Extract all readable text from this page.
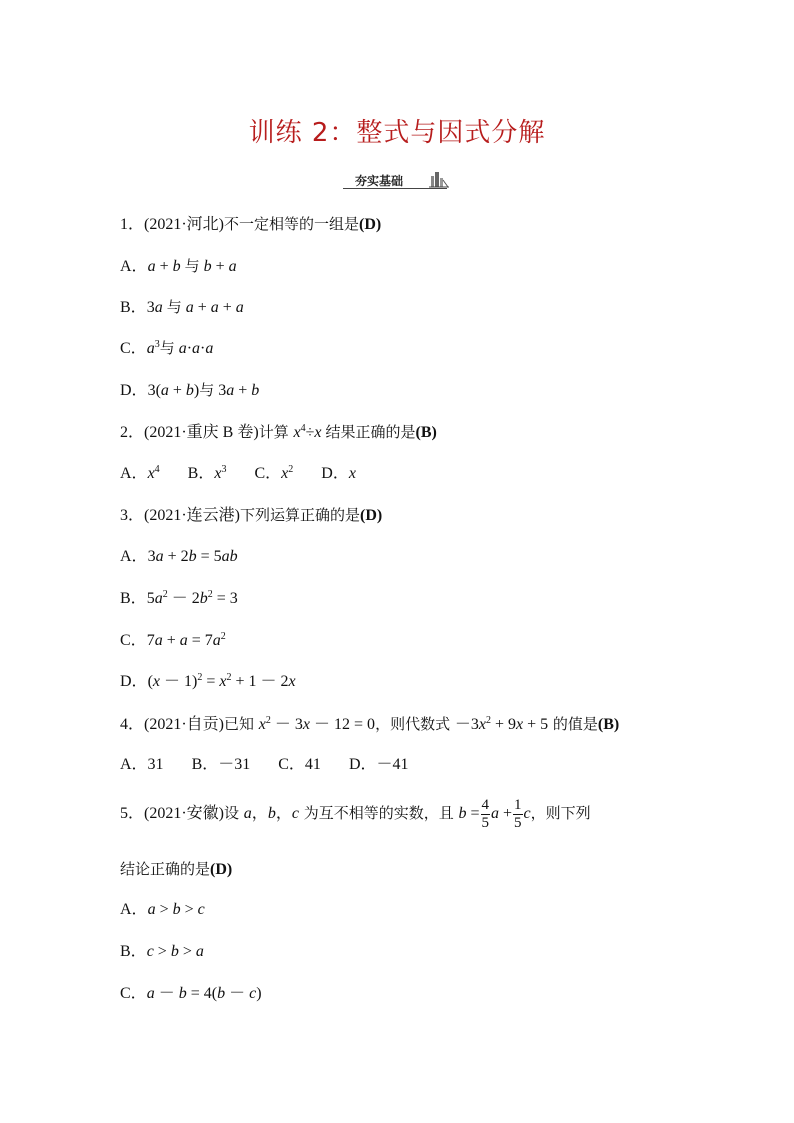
训练 2：整式与因式分解
夯实基础
1．(2021·河北)不一定相等的一组是(D)
A．a + b 与 b + a
B．3a 与 a + a + a
C．$a^3$与 a·a·a
D．3(a + b)与 3a + b
2．(2021·重庆 B 卷)计算 $x^4\div x$ 结果正确的是(B)
A．$x^4$ B．$x^3$ C．$x^2$ D．x
3．(2021·连云港)下列运算正确的是(D)
A．3a + 2b = 5ab
B．$5a^2 - 2b^2 = 3$
C．$7a + a = 7a^2$
D．$(x - 1)^2 = x^2 + 1 - 2x$
4．(2021·自贡)已知 $x^2 - 3x - 12 = 0$，则代数式 $-3x^2 + 9x + 5$ 的值是(B)
A．31 B．－31 C．41 D．－41
5．(2021·安徽)设 a，b，c 为互不相等的实数，且 $b = \frac{4}{5}$ $a + \frac{1}{5}$ c，则下列
结论正确的是(D)
A．a > b > c
B．c > b > a
C．a － b = 4(b － c)
